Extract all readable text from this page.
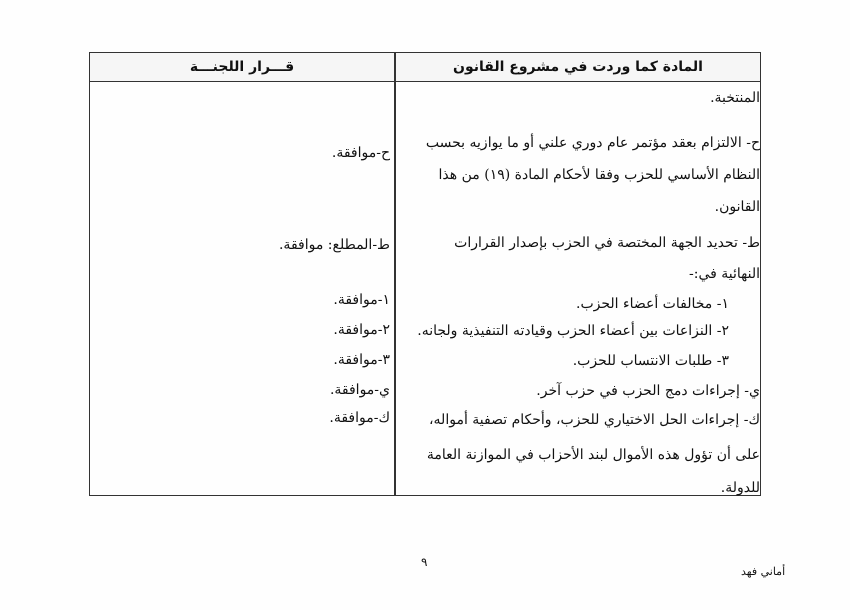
المادة كما وردت في مشروع القانون
قـــرار اللجنـــة
المنتخبة.
ح- الالتزام بعقد مؤتمر عام دوري علني أو ما يوازيه بحسب
النظام الأساسي للحزب وفقا لأحكام المادة (١٩) من هذا
القانون.
ط- تحديد الجهة المختصة في الحزب بإصدار القرارات
النهائية في:-
١- مخالفات أعضاء الحزب.
٢- النزاعات بين أعضاء الحزب وقيادته التنفيذية ولجانه.
٣- طلبات الانتساب للحزب.
ي- إجراءات دمج الحزب في حزب آخر.
ك- إجراءات الحل الاختياري للحزب، وأحكام تصفية أمواله،
على أن تؤول هذه الأموال لبند الأحزاب في الموازنة العامة
للدولة.
ح-موافقة.
ط-المطلع: موافقة.
١-موافقة.
٢-موافقة.
٣-موافقة.
ي-موافقة.
ك-موافقة.
٩
أماني فهد
